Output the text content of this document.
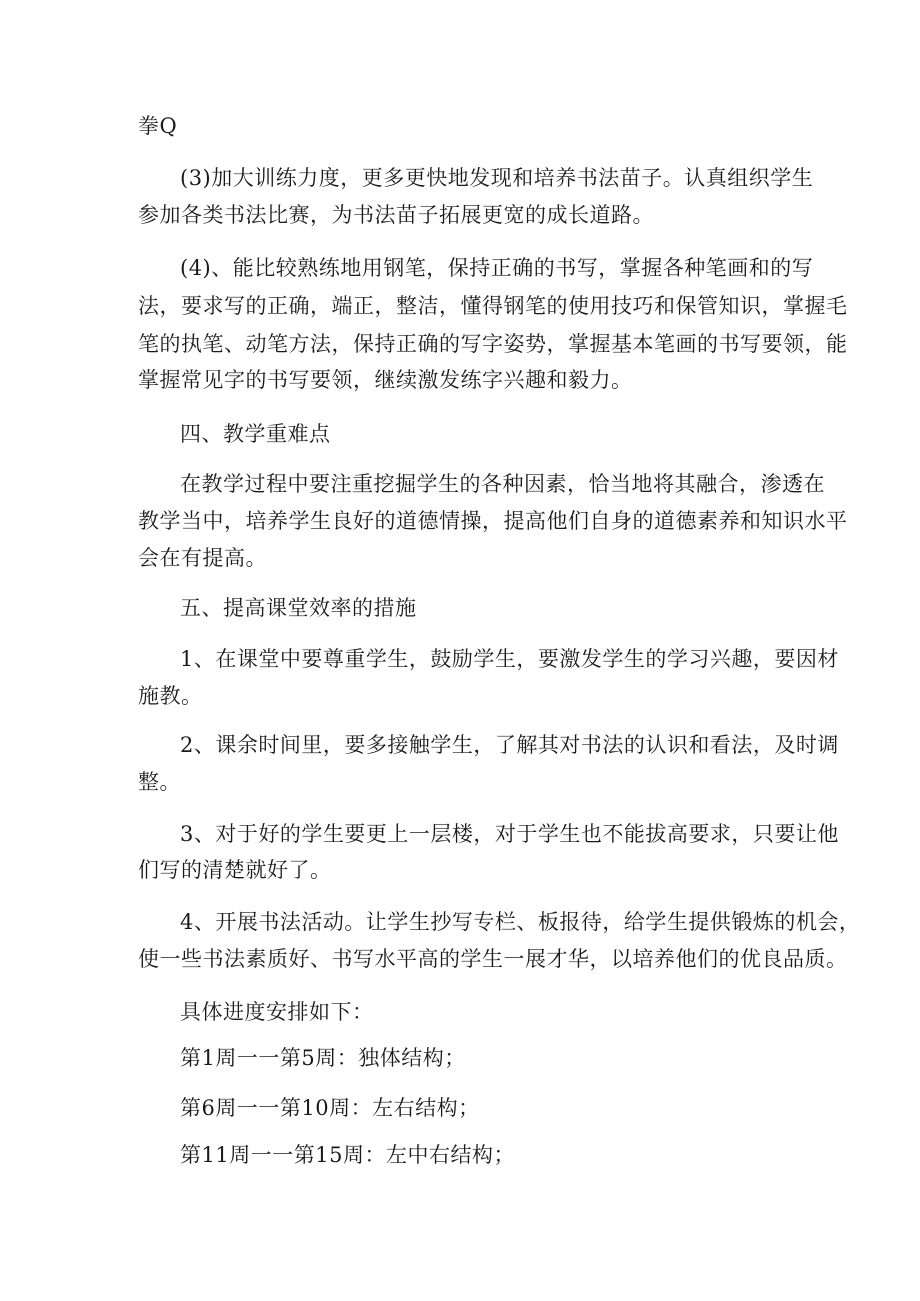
拳Q
(3)加大训练力度，更多更快地发现和培养书法苗子。认真组织学生
参加各类书法比赛，为书法苗子拓展更宽的成长道路。
(4)、能比较熟练地用钢笔，保持正确的书写，掌握各种笔画和的写
法，要求写的正确，端正，整洁，懂得钢笔的使用技巧和保管知识，掌握毛
笔的执笔、动笔方法，保持正确的写字姿势，掌握基本笔画的书写要领，能
掌握常见字的书写要领，继续激发练字兴趣和毅力。
四、教学重难点
在教学过程中要注重挖掘学生的各种因素，恰当地将其融合，渗透在
教学当中，培养学生良好的道德情操，提高他们自身的道德素养和知识水平
会在有提高。
五、提高课堂效率的措施
1、在课堂中要尊重学生，鼓励学生，要激发学生的学习兴趣，要因材
施教。
2、课余时间里，要多接触学生，了解其对书法的认识和看法，及时调
整。
3、对于好的学生要更上一层楼，对于学生也不能拔高要求，只要让他
们写的清楚就好了。
4、开展书法活动。让学生抄写专栏、板报待，给学生提供锻炼的机会，
使一些书法素质好、书写水平高的学生一展才华，以培养他们的优良品质。
具体进度安排如下：
第1周一一第5周：独体结构；
第6周一一第10周：左右结构；
第11周一一第15周：左中右结构；
